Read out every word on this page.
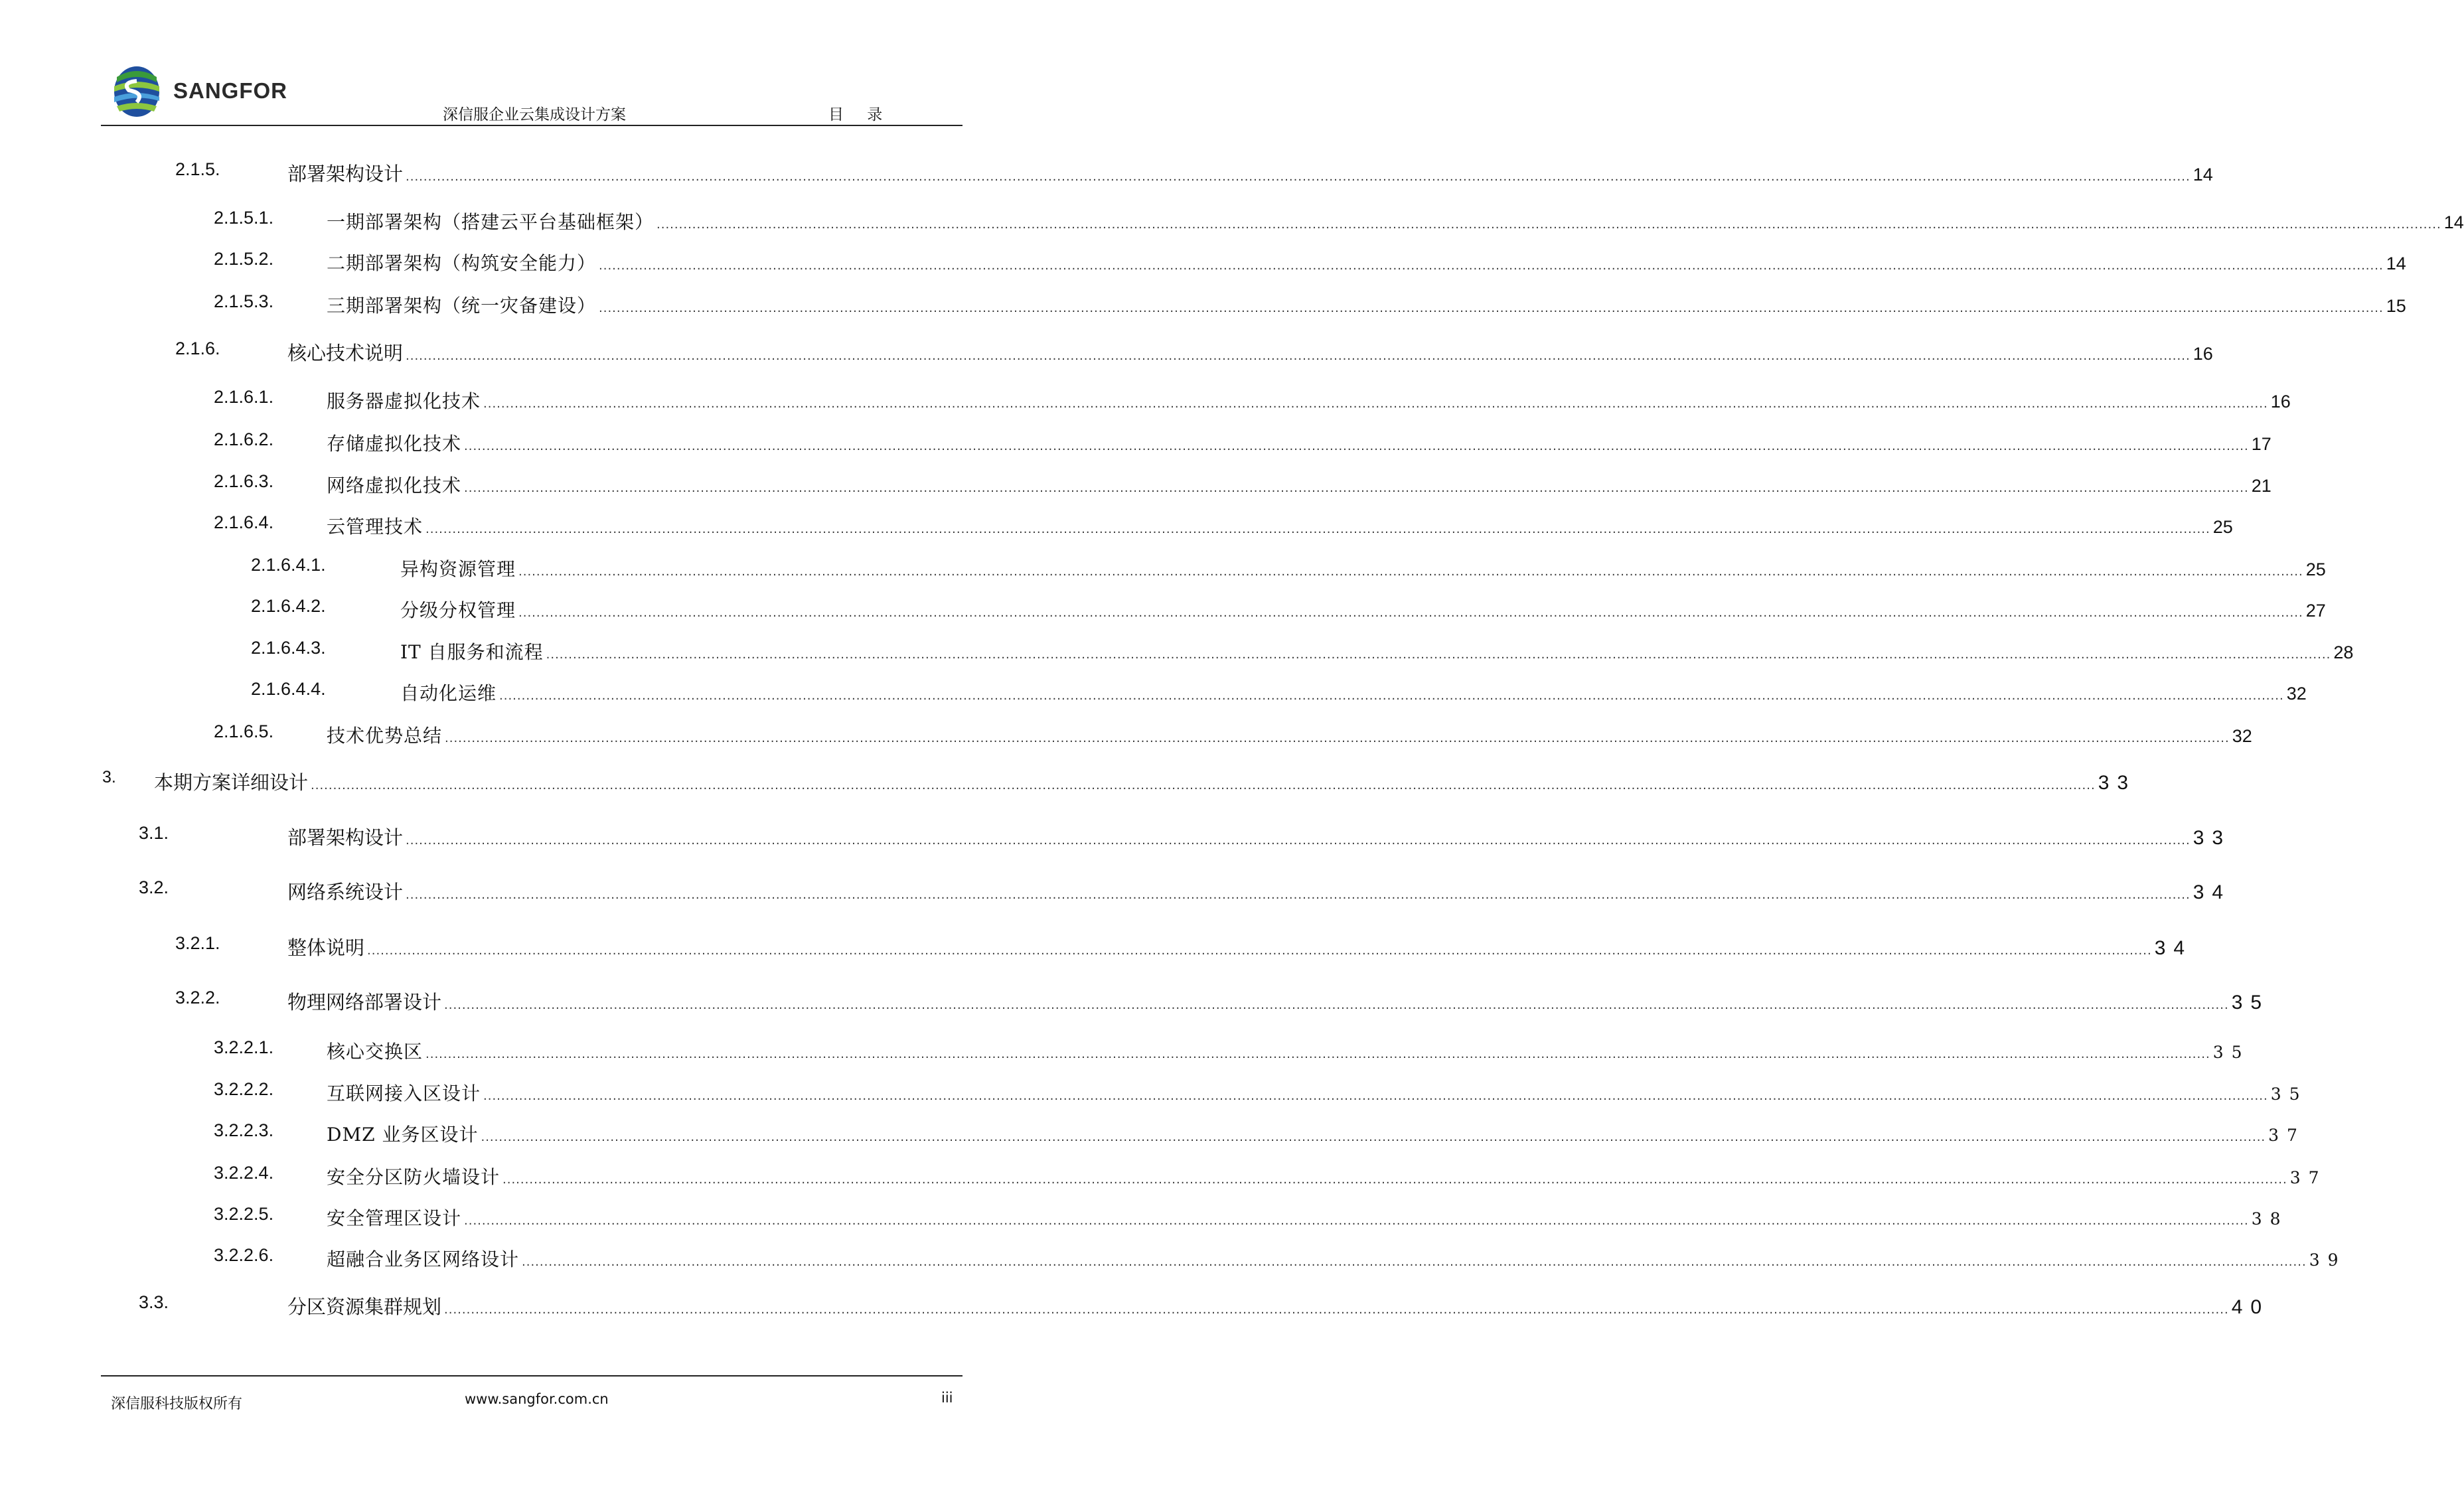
SANGFOR
深信服企业云集成设计方案	目 录
2.1.5.	部署架构设计 ................................................................................................................................................................................................................................................................................................................................................................................................................ 14
2.1.5.1.	一期部署架构（搭建云平台基础框架） ................................................................................................................................................................................................................................................................................................................................................................................................................ 14
2.1.5.2.	二期部署架构（构筑安全能力） ................................................................................................................................................................................................................................................................................................................................................................................................................ 14
2.1.5.3.	三期部署架构（统一灾备建设） ................................................................................................................................................................................................................................................................................................................................................................................................................ 15
2.1.6.	核心技术说明 ................................................................................................................................................................................................................................................................................................................................................................................................................ 16
2.1.6.1.	服务器虚拟化技术 ................................................................................................................................................................................................................................................................................................................................................................................................................ 16
2.1.6.2.	存储虚拟化技术 ................................................................................................................................................................................................................................................................................................................................................................................................................ 17
2.1.6.3.	网络虚拟化技术 ................................................................................................................................................................................................................................................................................................................................................................................................................ 21
2.1.6.4.	云管理技术 ................................................................................................................................................................................................................................................................................................................................................................................................................ 25
2.1.6.4.1.	异构资源管理 ................................................................................................................................................................................................................................................................................................................................................................................................................ 25
2.1.6.4.2.	分级分权管理 ................................................................................................................................................................................................................................................................................................................................................................................................................ 27
2.1.6.4.3.	IT 自服务和流程 ................................................................................................................................................................................................................................................................................................................................................................................................................ 28
2.1.6.4.4.	自动化运维 ................................................................................................................................................................................................................................................................................................................................................................................................................ 32
2.1.6.5.	技术优势总结 ................................................................................................................................................................................................................................................................................................................................................................................................................ 32
3. 本期方案详细设计 ................................................................................................................................................................................................................................................................................................................................................................................................................ 33
3.1.	部署架构设计 ................................................................................................................................................................................................................................................................................................................................................................................................................ 33
3.2.	网络系统设计 ................................................................................................................................................................................................................................................................................................................................................................................................................ 34
3.2.1.	整体说明 ................................................................................................................................................................................................................................................................................................................................................................................................................ 34
3.2.2.	物理网络部署设计 ................................................................................................................................................................................................................................................................................................................................................................................................................ 35
3.2.2.1.	核心交换区 ................................................................................................................................................................................................................................................................................................................................................................................................................ 35
3.2.2.2.	互联网接入区设计 ................................................................................................................................................................................................................................................................................................................................................................................................................ 35
3.2.2.3.	DMZ 业务区设计 ................................................................................................................................................................................................................................................................................................................................................................................................................ 37
3.2.2.4.	安全分区防火墙设计 ................................................................................................................................................................................................................................................................................................................................................................................................................ 37
3.2.2.5.	安全管理区设计 ................................................................................................................................................................................................................................................................................................................................................................................................................ 38
3.2.2.6.	超融合业务区网络设计 ................................................................................................................................................................................................................................................................................................................................................................................................................ 39
3.3.	分区资源集群规划 ................................................................................................................................................................................................................................................................................................................................................................................................................ 40
深信服科技版权所有	www.sangfor.com.cn	iii
